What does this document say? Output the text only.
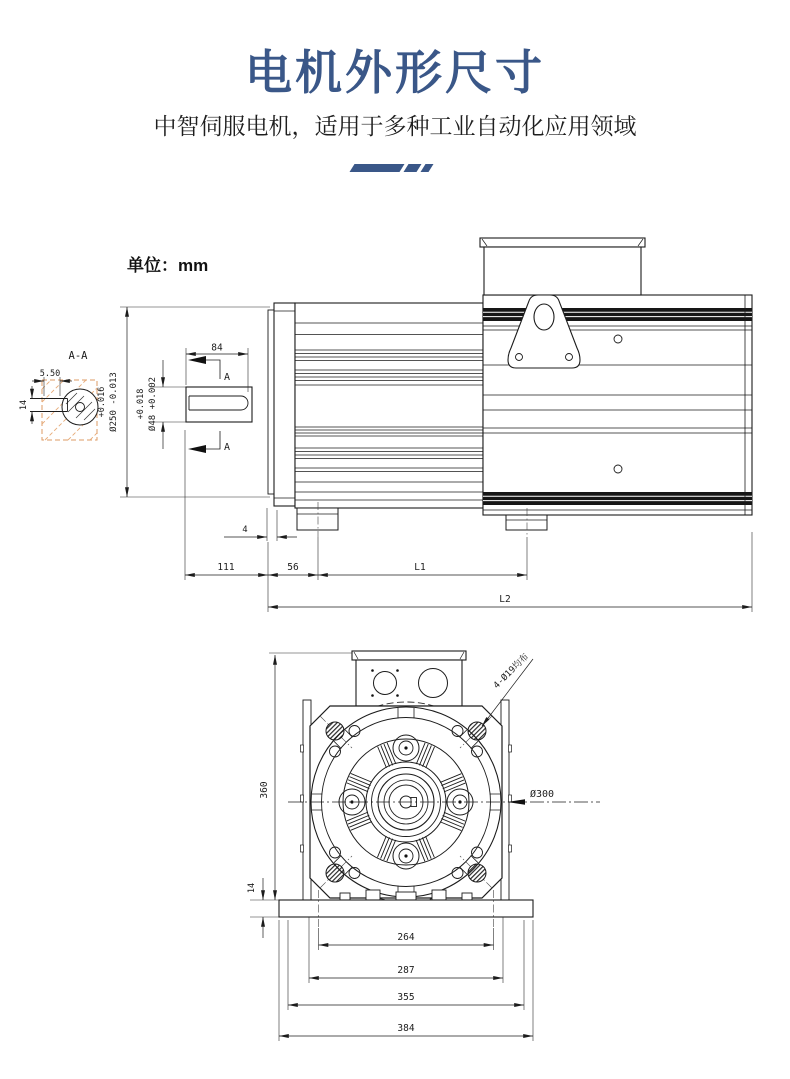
电机外形尺寸
中智伺服电机，适用于多种工业自动化应用领域
单位：mm
A-A
5.50
14	+0.016 Ø250 -0.013 +0.018 Ø48 +0.002
84
A
A
4
111	56	L1
L2
360
14
Ø300
4-Ø19均布
264
287
355
384
